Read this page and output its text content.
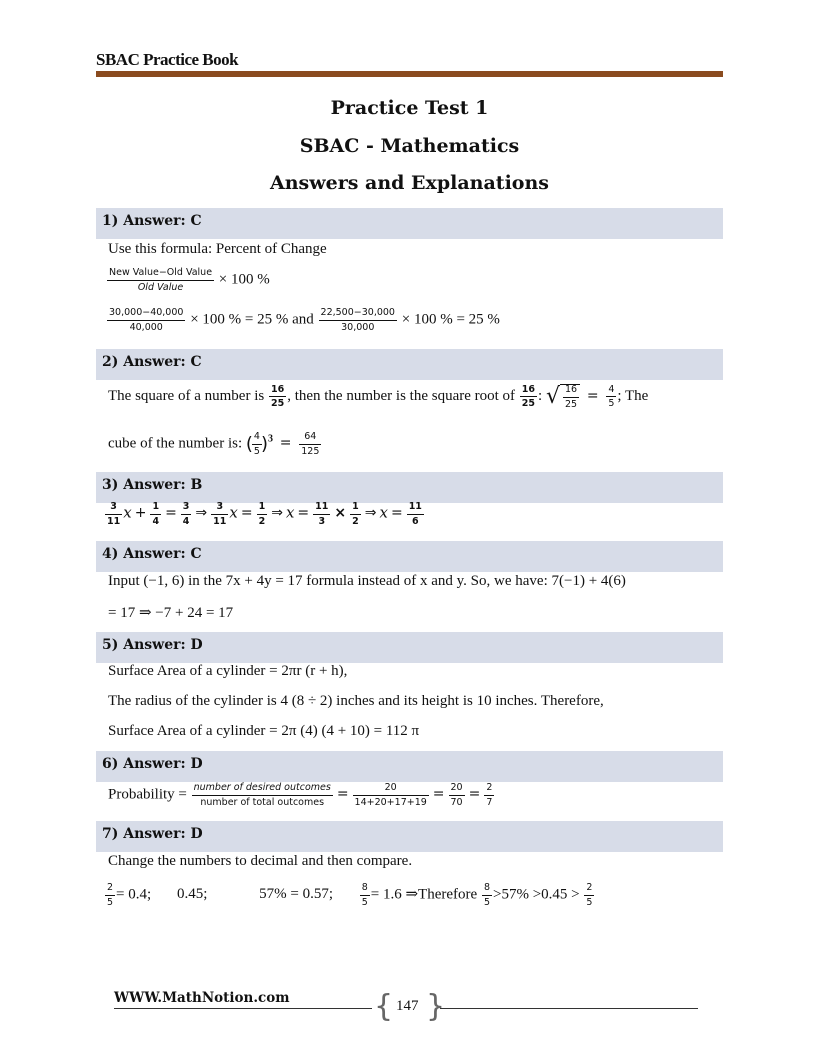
SBAC Practice Book
Practice Test 1
SBAC - Mathematics
Answers and Explanations
1) Answer: C
Use this formula: Percent of Change
$\frac{\text{New Value−Old Value}}{\text{Old Value}} \times 100$ %
$\frac{30,000-40,000}{40,000} \times 100$ % = 25 % and $\frac{22,500-30,000}{30,000} \times 100$ % = 25 %
2) Answer: C
The square of a number is $\frac{16}{25}$ , then the number is the square root of $\frac{16}{25}$ : √ $\frac{16}{25} = \frac{4}{5}$ ; The
cube of the number is: ( $\frac{4}{5} )^3 = \frac{64}{125}$
3) Answer: B
$\frac{3}{11}$ $x + \frac{1}{4} = \frac{3}{4}$ ⇒ $\frac{3}{11}$ $x = \frac{1}{2}$ ⇒ $x = \frac{11}{3} \times \frac{1}{2}$ ⇒ $x = \frac{11}{6}$
4) Answer: C
Input (−1, 6) in the 7x + 4y = 17 formula instead of x and y. So, we have: 7(−1) + 4(6)
= 17 ⇒ −7 + 24 = 17
5) Answer: D
Surface Area of a cylinder = 2πr (r + h),
The radius of the cylinder is 4 (8 ÷ 2) inches and its height is 10 inches. Therefore,
Surface Area of a cylinder = 2π (4) (4 + 10) = 112 π
6) Answer: D
Probability = $\frac{\text{number of desired outcomes}}{\text{number of total outcomes}} = \frac{20}{14+20+17+19} = \frac{20}{70} = \frac{2}{7}$
7) Answer: D
Change the numbers to decimal and then compare.
$\frac{2}{5} = 0.4$; 0.45;	57% = 0.57;	$\frac{8}{5} = 1.6$ ⇒Therefore $\frac{8}{5} >57\% >0.45 > \frac{2}{5}$
WWW.MathNotion.com	{ }
147
